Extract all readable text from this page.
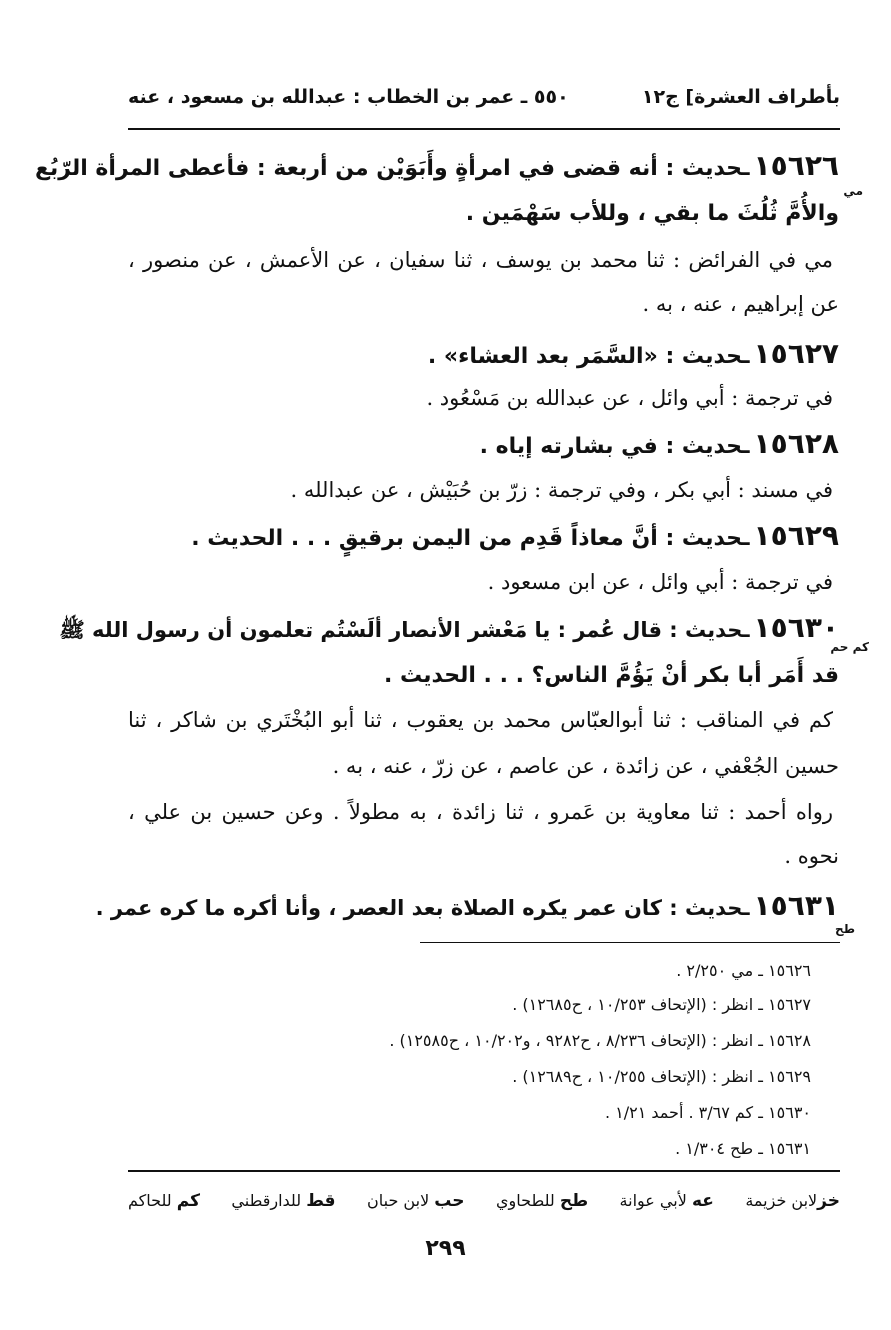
بأطراف العشرة] ج١٢
٥٥٠ ـ عمر بن الخطاب : عبدالله بن مسعود ، عنه
١٥٦٢٦ـحديث : أنه قضى في امرأةٍ وأَبَوَيْن من أربعة : فأعطى المرأة الرّبُع
مي
والأُمَّ ثُلُثَ ما بقي ، وللأب سَهْمَين .
مي في الفرائض : ثنا محمد بن يوسف ، ثنا سفيان ، عن الأعمش ، عن منصور ،
عن إبراهيم ، عنه ، به .
١٥٦٢٧ـحديث : «السَّمَر بعد العشاء» .
في ترجمة : أبي وائل ، عن عبدالله بن مَسْعُود .
١٥٦٢٨ـحديث : في بشارته إياه .
في مسند : أبي بكر ، وفي ترجمة : زرّ بن حُبَيْش ، عن عبدالله .
١٥٦٢٩ـحديث : أنَّ معاذاً قَدِم من اليمن برقيقٍ . . . الحديث .
في ترجمة : أبي وائل ، عن ابن مسعود .
١٥٦٣٠ـحديث : قال عُمر : يا مَعْشر الأنصار ألَسْتُم تعلمون أن رسول الله ﷺ
كم حم
قد أَمَر أبا بكر أنْ يَؤُمَّ الناس؟ . . . الحديث .
كم في المناقب : ثنا أبوالعبّاس محمد بن يعقوب ، ثنا أبو البُخْتَري بن شاكر ، ثنا
حسين الجُعْفي ، عن زائدة ، عن عاصم ، عن زرّ ، عنه ، به .
رواه أحمد : ثنا معاوية بن عَمرو ، ثنا زائدة ، به مطولاً . وعن حسين بن علي ،
نحوه .
١٥٦٣١ـحديث : كان عمر يكره الصلاة بعد العصر ، وأنا أكره ما كره عمر .
طح
١٥٦٢٦ ـ مي ٢/٢٥٠ .
١٥٦٢٧ ـ انظر : (الإتحاف ١٠/٢٥٣ ، ح١٢٦٨٥) .
١٥٦٢٨ ـ انظر : (الإتحاف ٨/٢٣٦ ، ح٩٢٨٢ ، و١٠/٢٠٢ ، ح١٢٥٨٥) .
١٥٦٢٩ ـ انظر : (الإتحاف ١٠/٢٥٥ ، ح١٢٦٨٩) .
١٥٦٣٠ ـ كم ٣/٦٧ . أحمد ١/٢١ .
١٥٦٣١ ـ طح ١/٣٠٤ .
خزلابن خزيمة
عه لأبي عوانة
طح للطحاوي
حب لابن حبان
قط للدارقطني
كم للحاكم
٢٩٩
